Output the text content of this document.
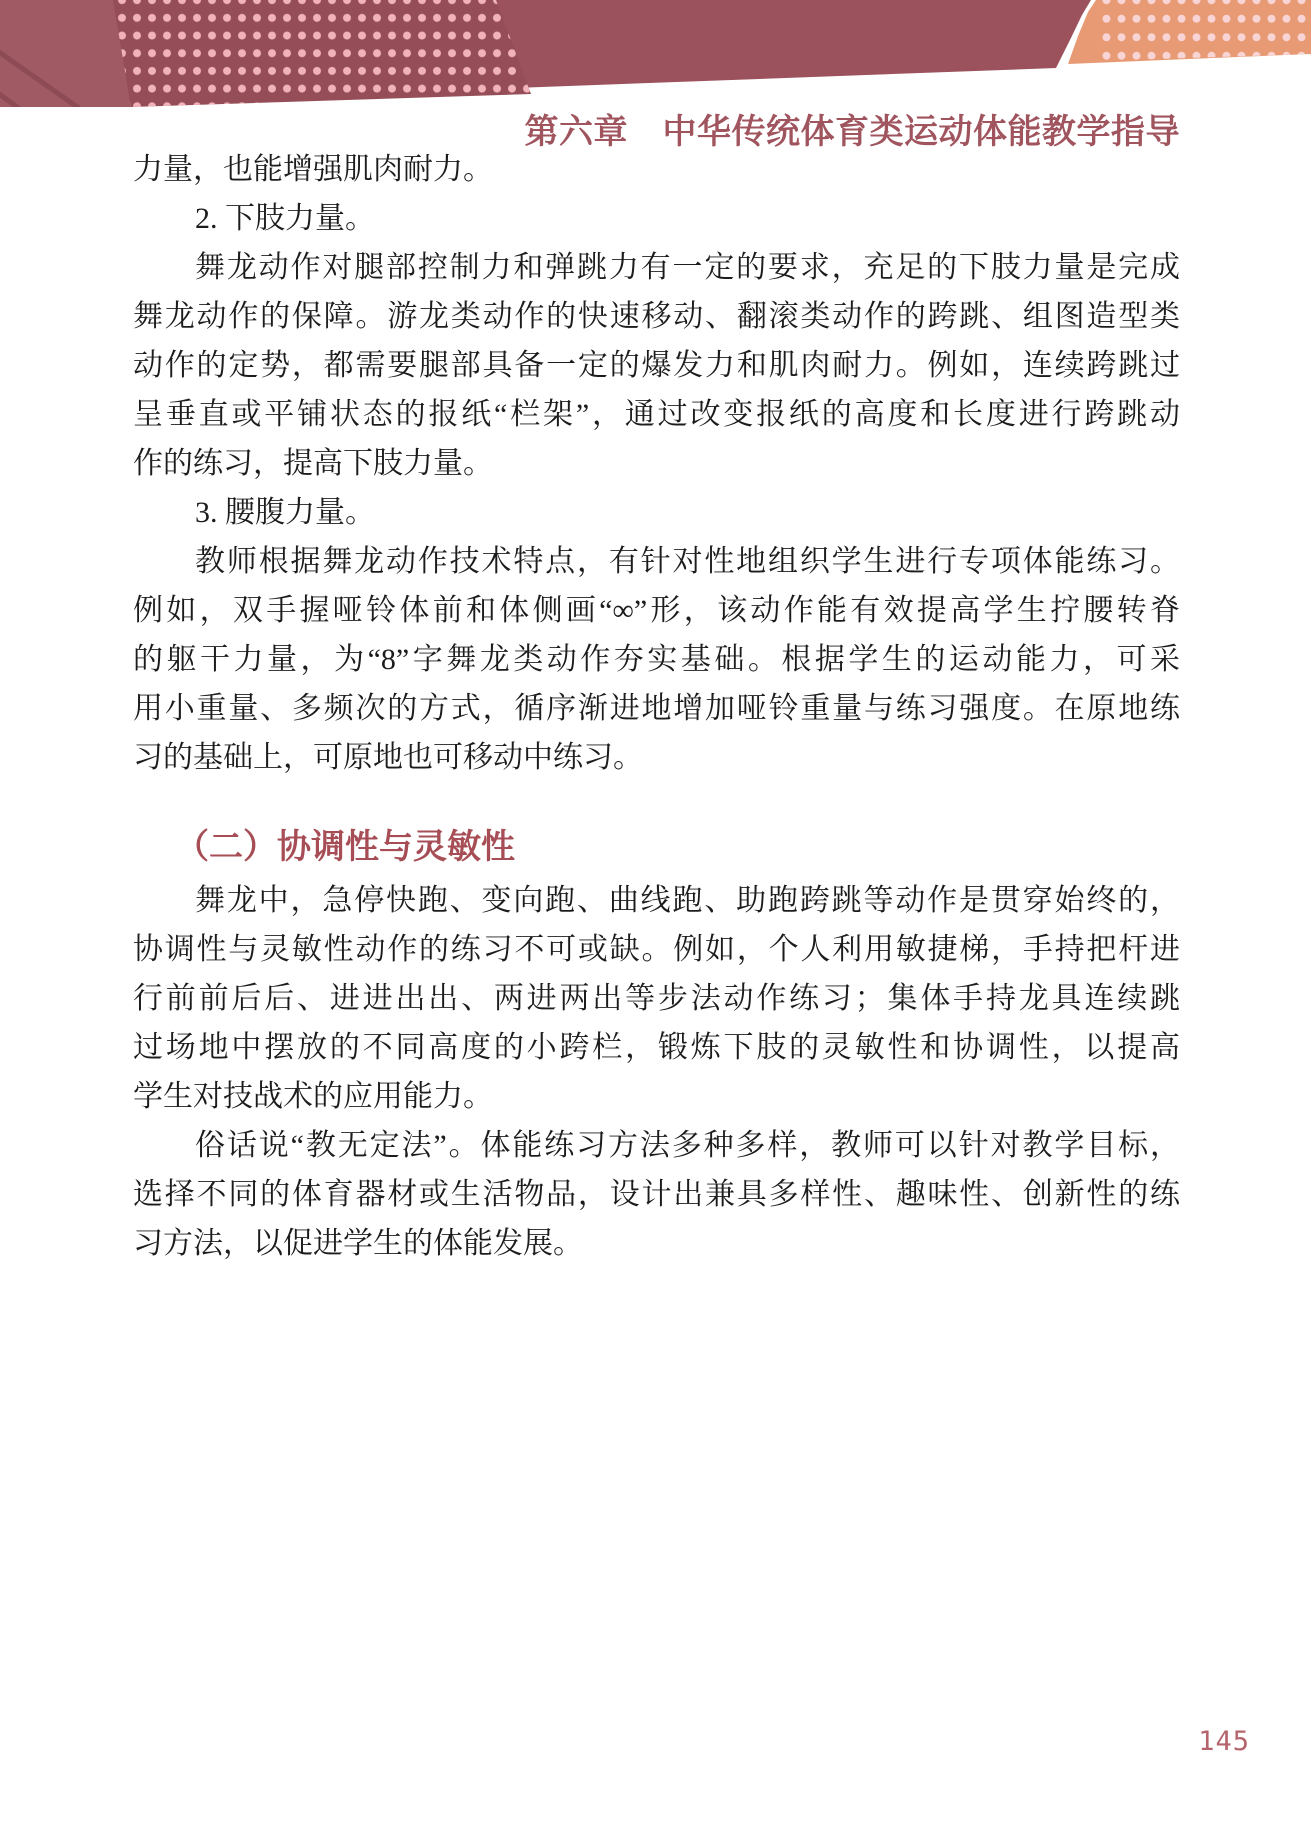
第六章　中华传统体育类运动体能教学指导
力量，也能增强肌肉耐力。
2. 下肢力量。
舞龙动作对腿部控制力和弹跳力有一定的要求，充足的下肢力量是完成
舞龙动作的保障。游龙类动作的快速移动、翻滚类动作的跨跳、组图造型类
动作的定势，都需要腿部具备一定的爆发力和肌肉耐力。例如，连续跨跳过
呈垂直或平铺状态的报纸“栏架”，通过改变报纸的高度和长度进行跨跳动
作的练习，提高下肢力量。
3. 腰腹力量。
教师根据舞龙动作技术特点，有针对性地组织学生进行专项体能练习。
例如，双手握哑铃体前和体侧画“∞”形，该动作能有效提高学生拧腰转脊
的躯干力量，为“8”字舞龙类动作夯实基础。根据学生的运动能力，可采
用小重量、多频次的方式，循序渐进地增加哑铃重量与练习强度。在原地练
习的基础上，可原地也可移动中练习。
（二）协调性与灵敏性
舞龙中，急停快跑、变向跑、曲线跑、助跑跨跳等动作是贯穿始终的，
协调性与灵敏性动作的练习不可或缺。例如，个人利用敏捷梯，手持把杆进
行前前后后、进进出出、两进两出等步法动作练习；集体手持龙具连续跳
过场地中摆放的不同高度的小跨栏，锻炼下肢的灵敏性和协调性，以提高
学生对技战术的应用能力。
俗话说“教无定法”。体能练习方法多种多样，教师可以针对教学目标，
选择不同的体育器材或生活物品，设计出兼具多样性、趣味性、创新性的练
习方法，以促进学生的体能发展。
145
